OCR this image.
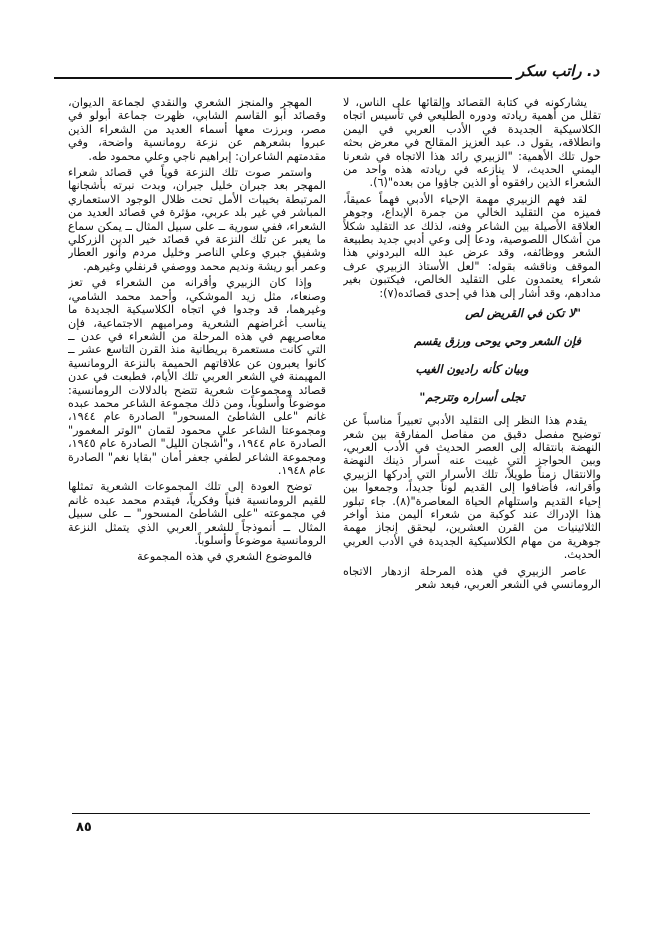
د. راتب سكر

يشاركونه في كتابة القصائد وإلقائها على الناس، لا تقلل من أهمية ريادته ودوره الطليعي في تأسيس اتجاه الكلاسيكية الجديدة في الأدب العربي في اليمن وانطلاقه، يقول د. عبد العزيز المقالح في معرض بحثه حول تلك الأهمية: "الزبيري رائد هذا الاتجاه في شعرنا اليمني الحديث، لا ينازعه في ريادته هذه واحد من الشعراء الذين رافقوه أو الذين جاؤوا من بعده"(٦).

لقد فهم الزبيري مهمة الإحياء الأدبي فهماً عميقاً، فميزه من التقليد الخالي من جمرة الإبداع، وجوهر العلاقة الأصيلة بين الشاعر وفنه، لذلك عد التقليد شكلاً من أشكال اللصوصية، ودعا إلى وعي أدبي جديد بطبيعة الشعر ووظائفه، وقد عرض عبد الله البردوني هذا الموقف وناقشه بقوله: "لعل الأستاذ الزبيري عرف شعراء يعتمدون على التقليد الخالص، فيكتبون بغير مدادهم، وقد أشار إلى هذا في إحدى قصائده(٧):

"لا تكن في القريض لص
فإن الشعر وحي يوحى ورزق يقسم
وبيان كأنه راديون الغيب
تجلى أسراره وتترجم"

يقدم هذا النظر إلى التقليد الأدبي تعبيراً مناسباً عن توضيح مفصل دقيق من مفاصل المفارقة بين شعر النهضة بانتقاله إلى العصر الحديث في الأدب العربي، وبين الحواجز التي غيبت عنه أسرار ذينك النهضة والانتقال زمناً طويلاً، تلك الأسرار التي أدركها الزبيري وأقرانه، فأضافوا إلى القديم لوناً جديداً، وجمعوا بين إحياء القديم واستلهام الحياة المعاصرة"(٨). جاء تبلور هذا الإدراك عند كوكبة من شعراء اليمن منذ أواخر الثلاثينيات من القرن العشرين، ليحقق إنجاز مهمة جوهرية من مهام الكلاسيكية الجديدة في الأدب العربي الحديث.

عاصر الزبيري في هذه المرحلة ازدهار الاتجاه الرومانسي في الشعر العربي، فبعد شعر

المهجر والمنجز الشعري والنقدي لجماعة الديوان، وقصائد أبو القاسم الشابي، ظهرت جماعة أبولو في مصر، وبرزت معها أسماء العديد من الشعراء الذين عبروا بشعرهم عن نزعة رومانسية واضحة، وفي مقدمتهم الشاعران: إبراهيم ناجي وعلي محمود طه.

واستمر صوت تلك النزعة قوياً في قصائد شعراء المهجر بعد جبران خليل جبران، وبدت نبرته بأشجانها المرتبطة بخيبات الأمل تحت ظلال الوجود الاستعماري المباشر في غير بلد عربي، مؤثرة في قصائد العديد من الشعراء، ففي سورية ــ على سبيل المثال ــ يمكن سماع ما يعبر عن تلك النزعة في قصائد خير الدين الزركلي وشفيق جبري وعلي الناصر وخليل مردم وأنور العطار وعمر أبو ريشة ونديم محمد ووصفي قرنفلي وغيرهم.

وإذا كان الزبيري وأقرانه من الشعراء في تعز وصنعاء، مثل زيد الموشكي، وأحمد محمد الشامي، وغيرهما، قد وجدوا في اتجاه الكلاسيكية الجديدة ما يناسب أغراضهم الشعرية ومراميهم الاجتماعية، فإن معاصريهم في هذه المرحلة من الشعراء في عدن ــ التي كانت مستعمرة بريطانية منذ القرن التاسع عشر ــ كانوا يعبرون عن علاقاتهم الحميمة بالنزعة الرومانسية المهيمنة في الشعر العربي تلك الأيام، فطبعت في عدن قصائد ومجموعات شعرية تتضح بالدلالات الرومانسية: موضوعاً وأسلوباً، ومن ذلك مجموعة الشاعر محمد عبده غانم "على الشاطئ المسحور" الصادرة عام ١٩٤٤، ومجموعتا الشاعر علي محمود لقمان "الوتر المغمور" الصادرة عام ١٩٤٤، و"أشجان الليل" الصادرة عام ١٩٤٥، ومجموعة الشاعر لطفي جعفر أمان "بقايا نغم" الصادرة عام ١٩٤٨.

توضح العودة إلى تلك المجموعات الشعرية تمثلها للقيم الرومانسية فنياً وفكرياً، فيقدم محمد عبده غانم في مجموعته "على الشاطئ المسحور" ــ على سبيل المثال ــ أنموذجاً للشعر العربي الذي يتمثل النزعة الرومانسية موضوعاً وأسلوباً.

فالموضوع الشعري في هذه المجموعة

٨٥
